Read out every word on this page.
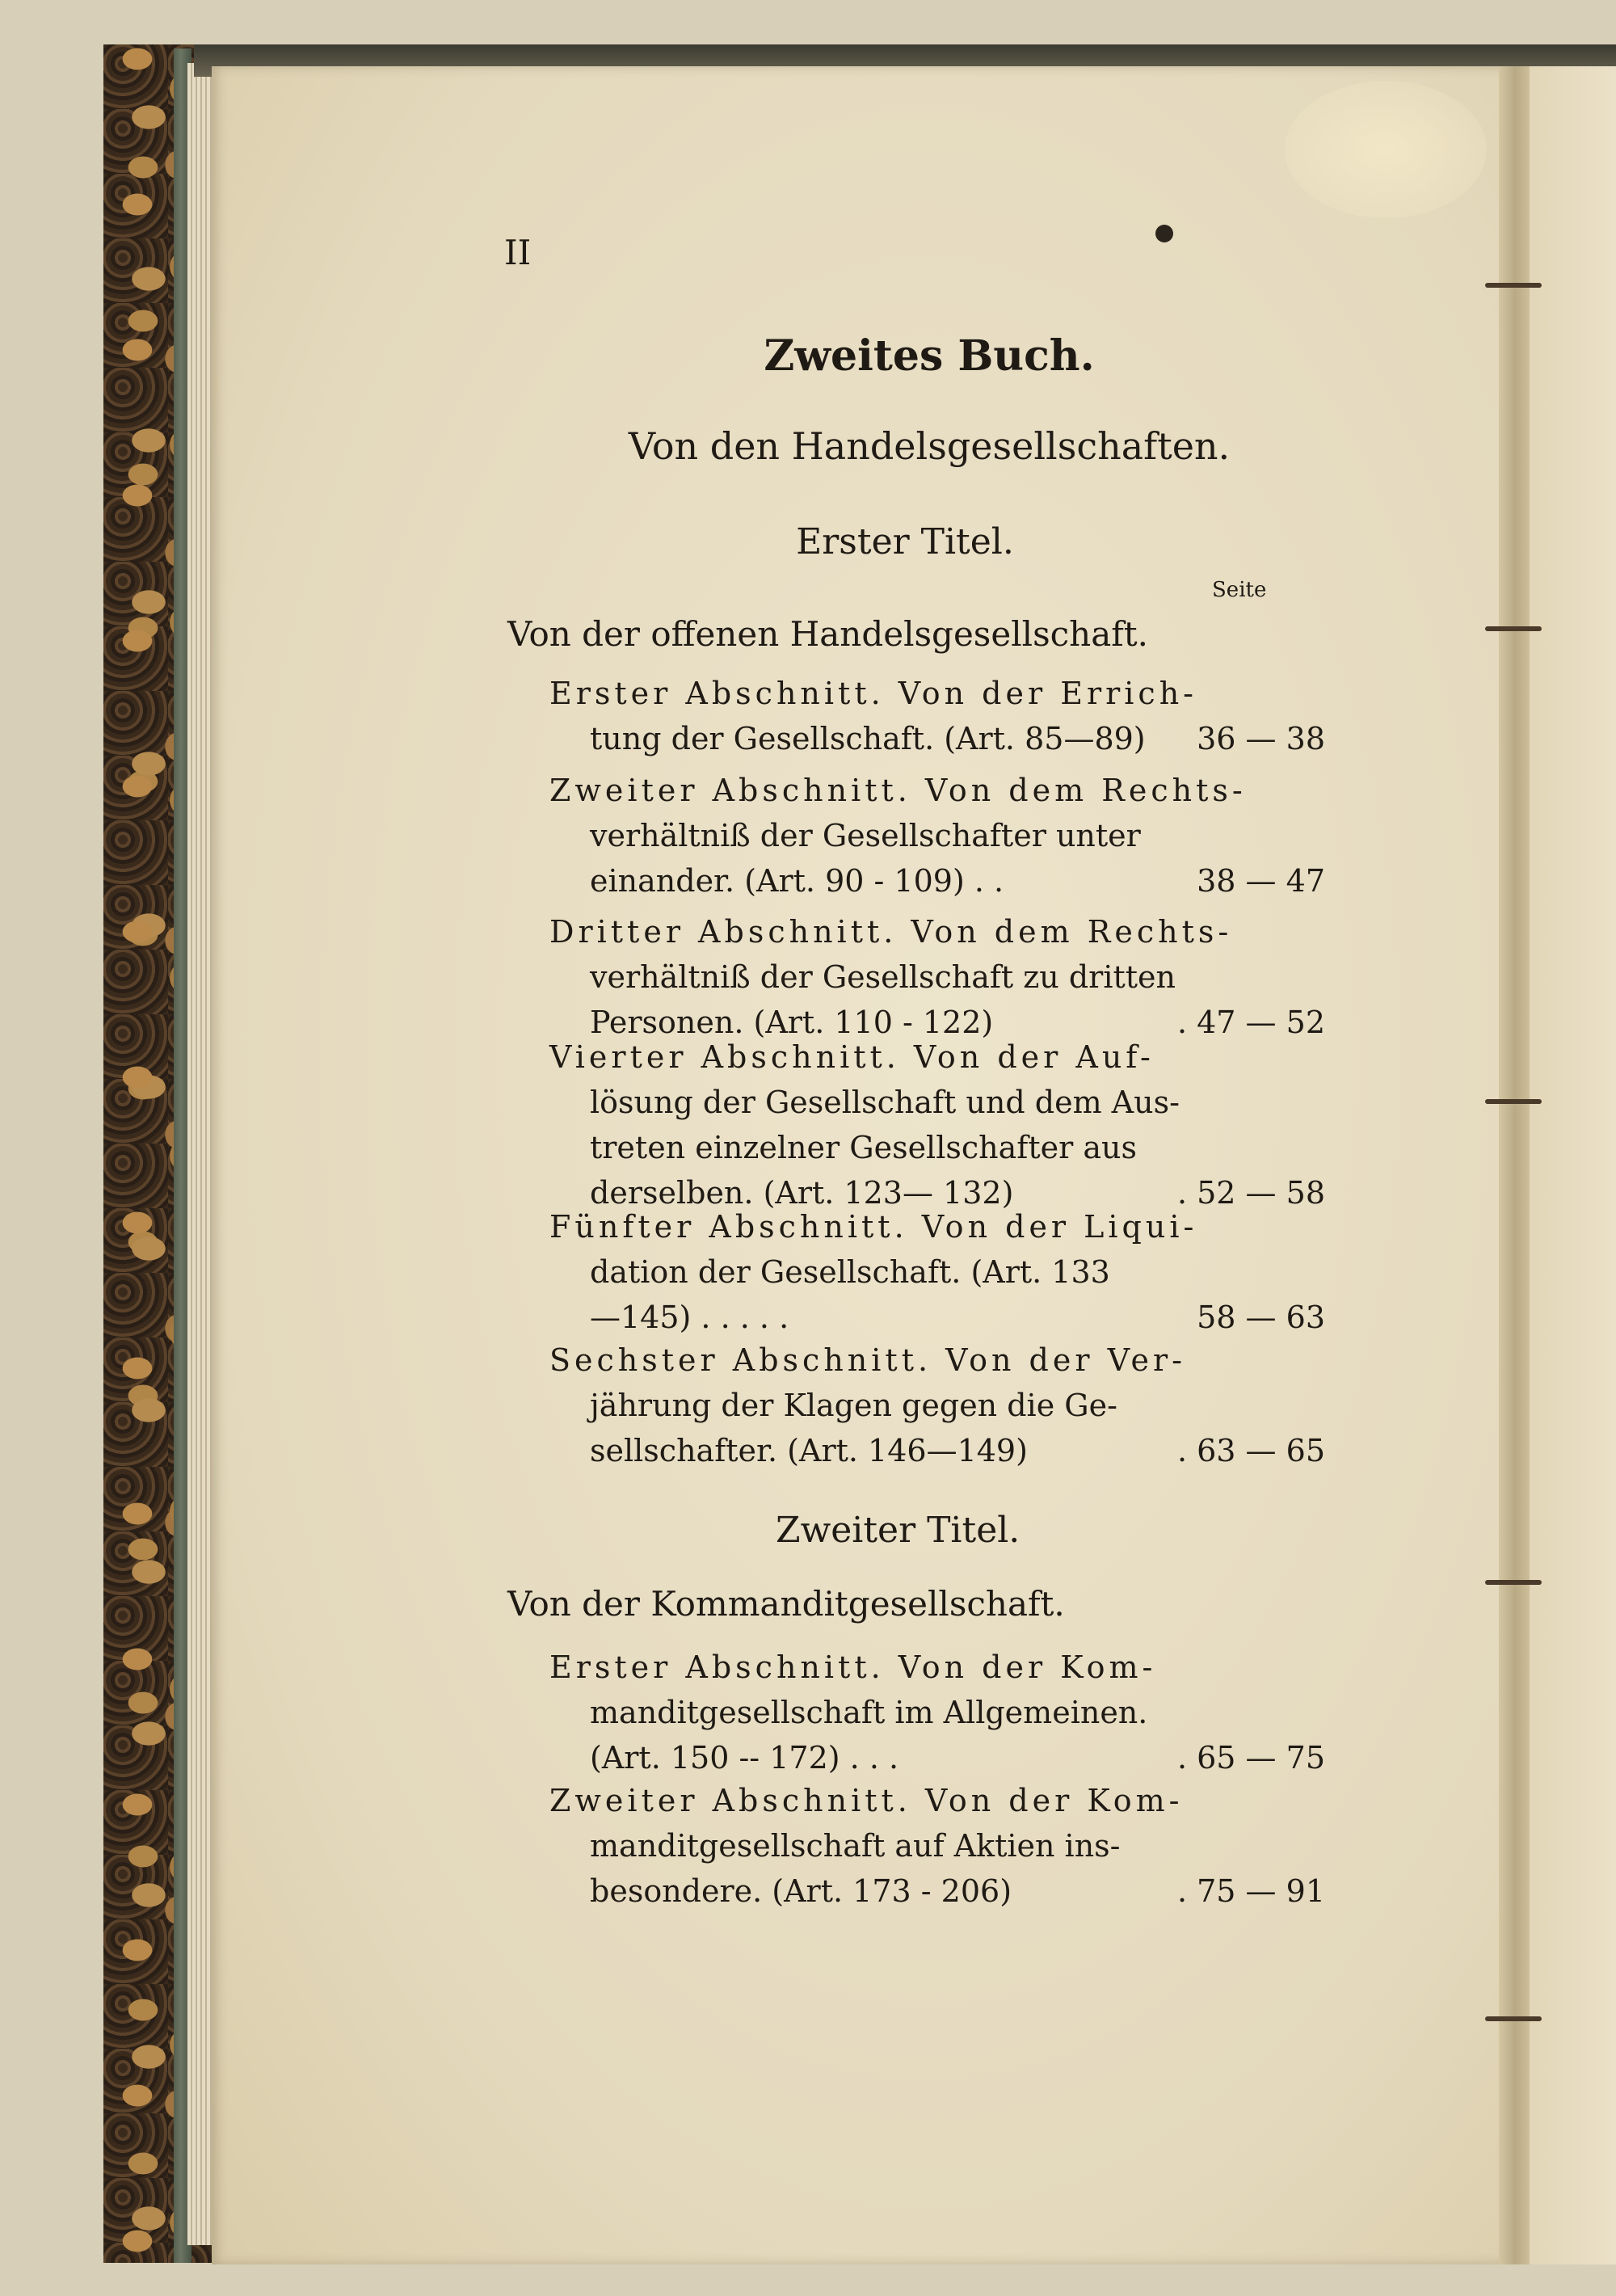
II
Zweites Buch.
Von den Handelsgesellschaften.
Erster Titel.
Seite
Von der offenen Handelsgesellschaft.
Erster Abschnitt. Von der Errich-
tung der Gesellschaft. (Art. 85—89) 36 — 38
Zweiter Abschnitt. Von dem Rechts-
verhältniß der Gesellschafter unter
einander. (Art. 90 - 109) . .	38 — 47
Dritter Abschnitt. Von dem Rechts-
verhältniß der Gesellschaft zu dritten
Personen. (Art. 110 - 122)	. 47 — 52
Vierter Abschnitt. Von der Auf-
lösung der Gesellschaft und dem Aus-
treten einzelner Gesellschafter aus
derselben. (Art. 123— 132)	. 52 — 58
Fünfter Abschnitt. Von der Liqui-
dation der Gesellschaft. (Art. 133
—145) . . . . .	58 — 63
Sechster Abschnitt. Von der Ver-
jährung der Klagen gegen die Ge-
sellschafter. (Art. 146—149)	. 63 — 65
Zweiter Titel.
Von der Kommanditgesellschaft.
Erster Abschnitt. Von der Kom-
manditgesellschaft im Allgemeinen.
(Art. 150 -- 172) . . .	. 65 — 75
Zweiter Abschnitt. Von der Kom-
manditgesellschaft auf Aktien ins-
besondere. (Art. 173 - 206)	. 75 — 91
